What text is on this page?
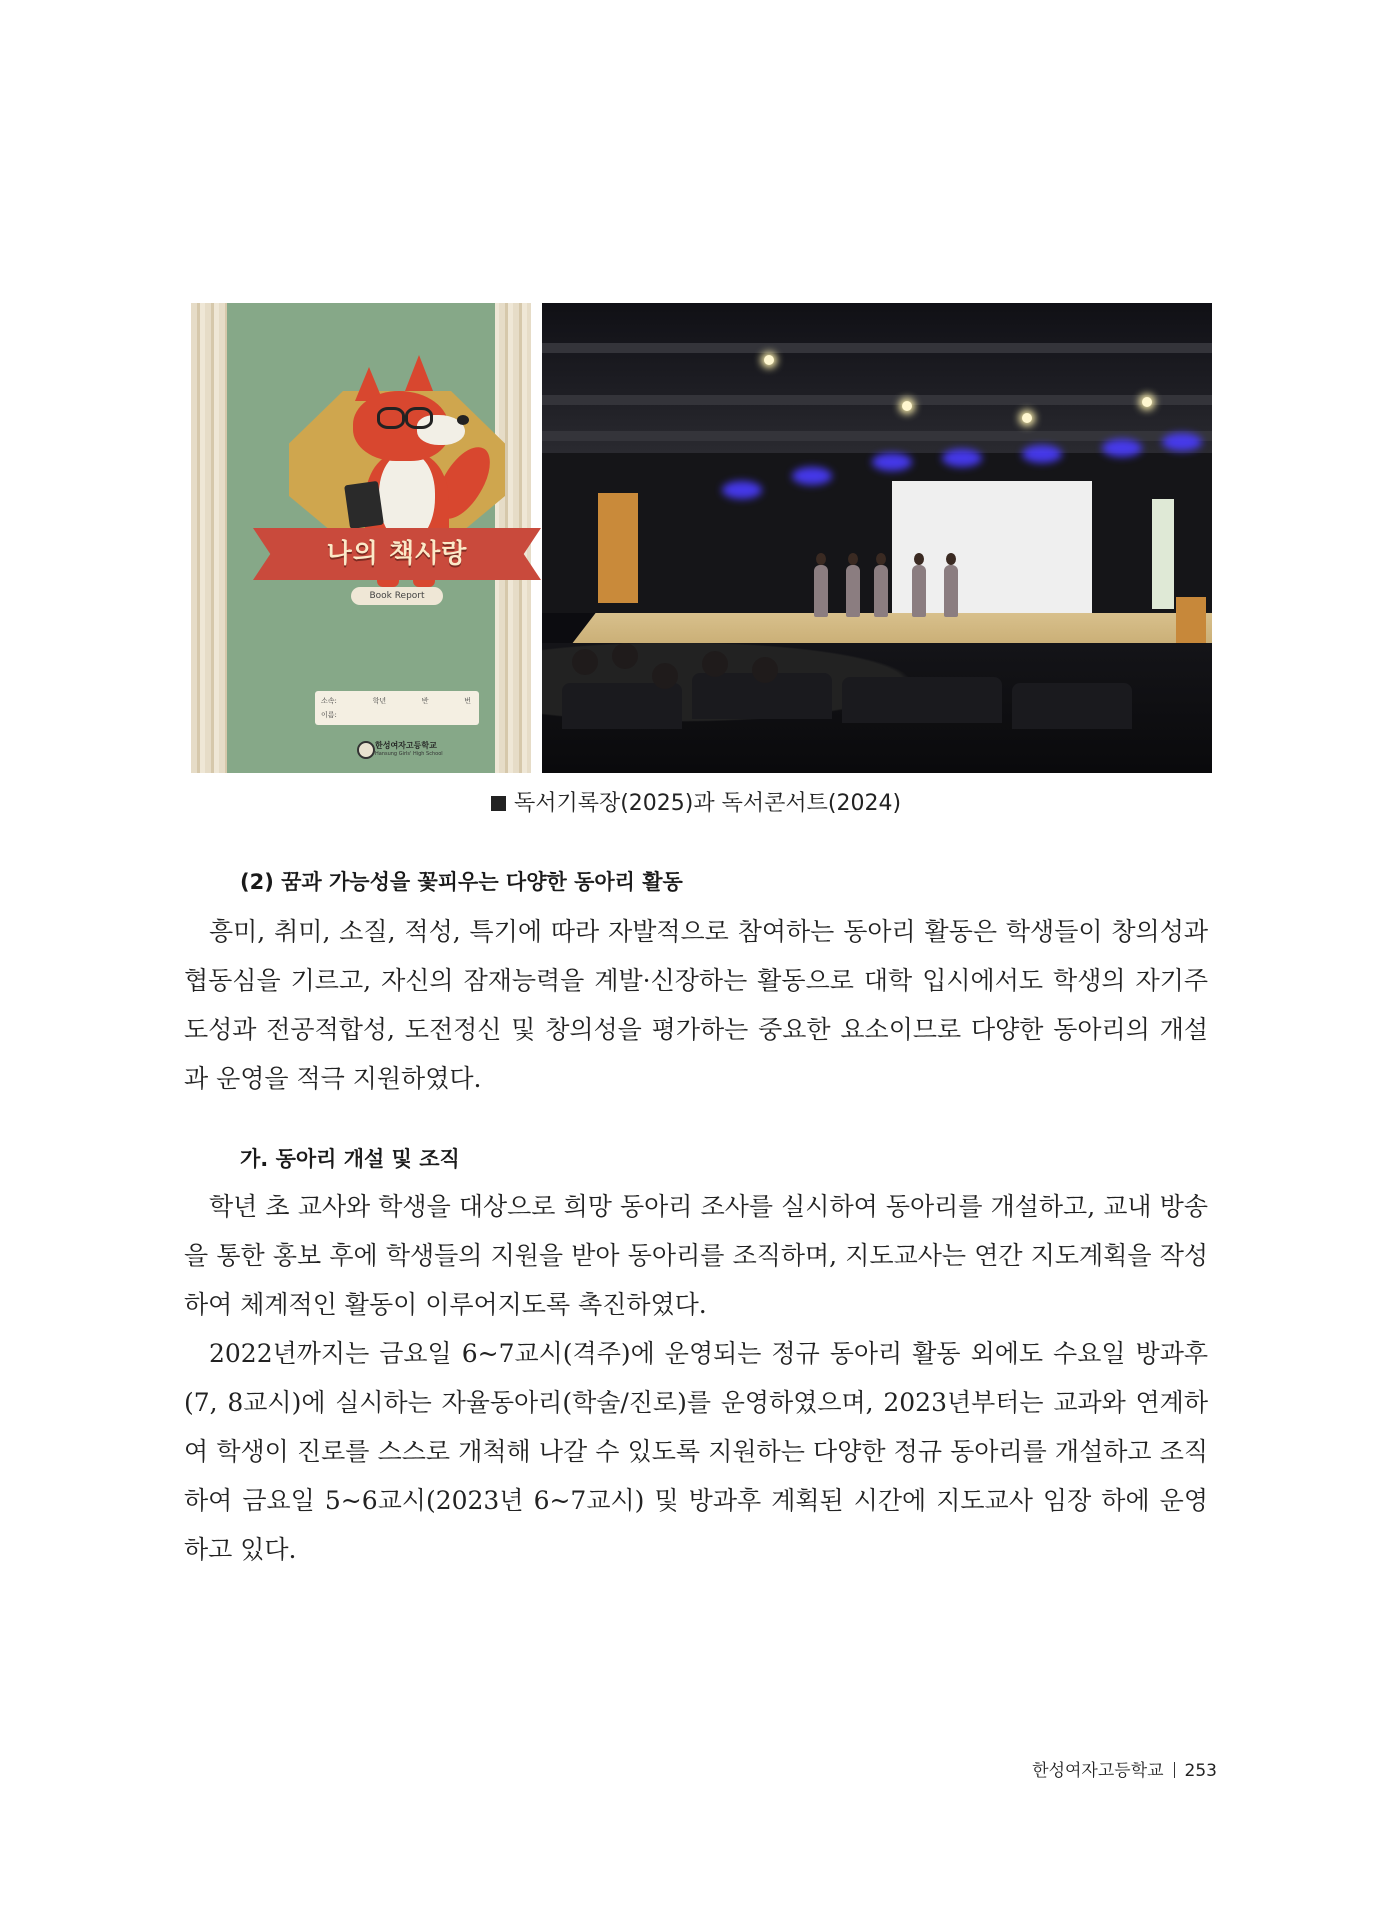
나의 책사랑
Book Report
소속:	학년	반	번
이름:
한성여자고등학교
Hansung Girls' High School
독서기록장(2025)과 독서콘서트(2024)
(2) 꿈과 가능성을 꽃피우는 다양한 동아리 활동

흥미, 취미, 소질, 적성, 특기에 따라 자발적으로 참여하는 동아리 활동은 학생들이 창의성과 협동심을 기르고, 자신의 잠재능력을 계발·신장하는 활동으로 대학 입시에서도 학생의 자기주도성과 전공적합성, 도전정신 및 창의성을 평가하는 중요한 요소이므로 다양한 동아리의 개설과 운영을 적극 지원하였다.

가. 동아리 개설 및 조직

학년 초 교사와 학생을 대상으로 희망 동아리 조사를 실시하여 동아리를 개설하고, 교내 방송을 통한 홍보 후에 학생들의 지원을 받아 동아리를 조직하며, 지도교사는 연간 지도계획을 작성하여 체계적인 활동이 이루어지도록 촉진하였다.

2022년까지는 금요일 6~7교시(격주)에 운영되는 정규 동아리 활동 외에도 수요일 방과후(7, 8교시)에 실시하는 자율동아리(학술/진로)를 운영하였으며, 2023년부터는 교과와 연계하여 학생이 진로를 스스로 개척해 나갈 수 있도록 지원하는 다양한 정규 동아리를 개설하고 조직하여 금요일 5~6교시(2023년 6~7교시) 및 방과후 계획된 시간에 지도교사 임장 하에 운영하고 있다.

한성여자고등학교 253
